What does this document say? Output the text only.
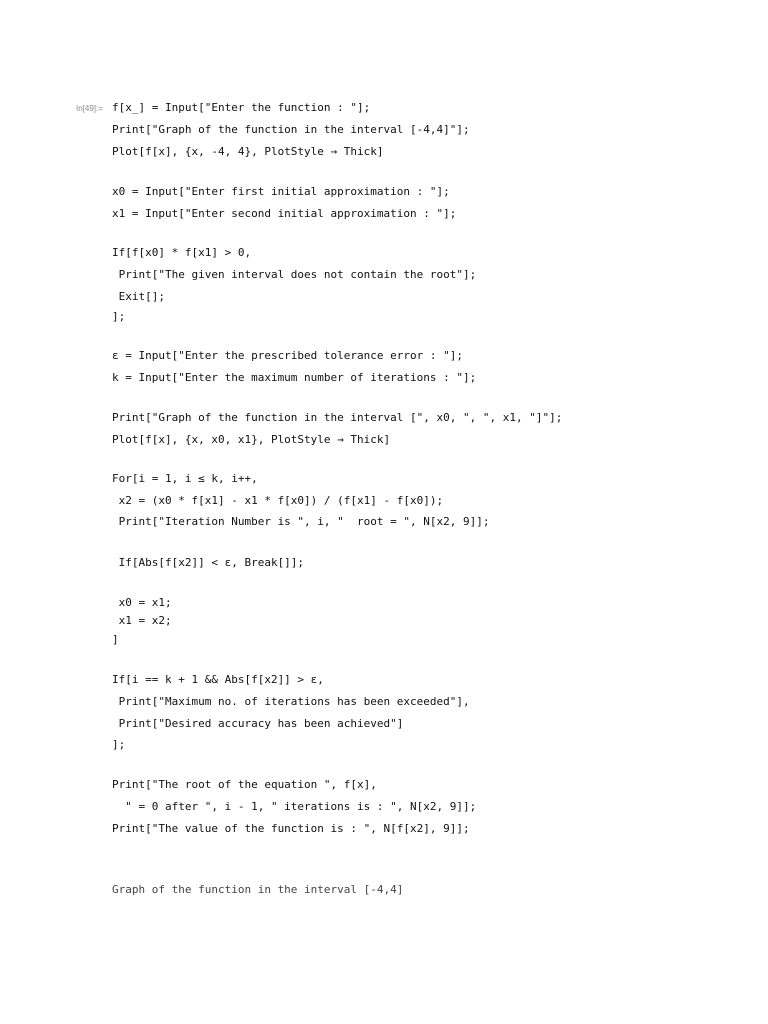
In[49]:= f[x_] = Input["Enter the function : "];
Print["Graph of the function in the interval [-4,4]"];
Plot[f[x], {x, -4, 4}, PlotStyle → Thick]
x0 = Input["Enter first initial approximation : "];
x1 = Input["Enter second initial approximation : "];
If[f[x0] * f[x1] > 0,
Print["The given interval does not contain the root"];
Exit[];
];
ε = Input["Enter the prescribed tolerance error : "];
k = Input["Enter the maximum number of iterations : "];
Print["Graph of the function in the interval [", x0, ", ", x1, "]"];
Plot[f[x], {x, x0, x1}, PlotStyle → Thick]
For[i = 1, i ≤ k, i++,
x2 = (x0 * f[x1] - x1 * f[x0]) / (f[x1] - f[x0]);
Print["Iteration Number is ", i, "  root = ", N[x2, 9]];
If[Abs[f[x2]] < ε, Break[]];
x0 = x1;
x1 = x2;
]
If[i == k + 1 && Abs[f[x2]] > ε,
Print["Maximum no. of iterations has been exceeded"],
Print["Desired accuracy has been achieved"]
];
Print["The root of the equation ", f[x],
" = 0 after ", i - 1, " iterations is : ", N[x2, 9]];
Print["The value of the function is : ", N[f[x2], 9]];
Graph of the function in the interval [-4,4]
